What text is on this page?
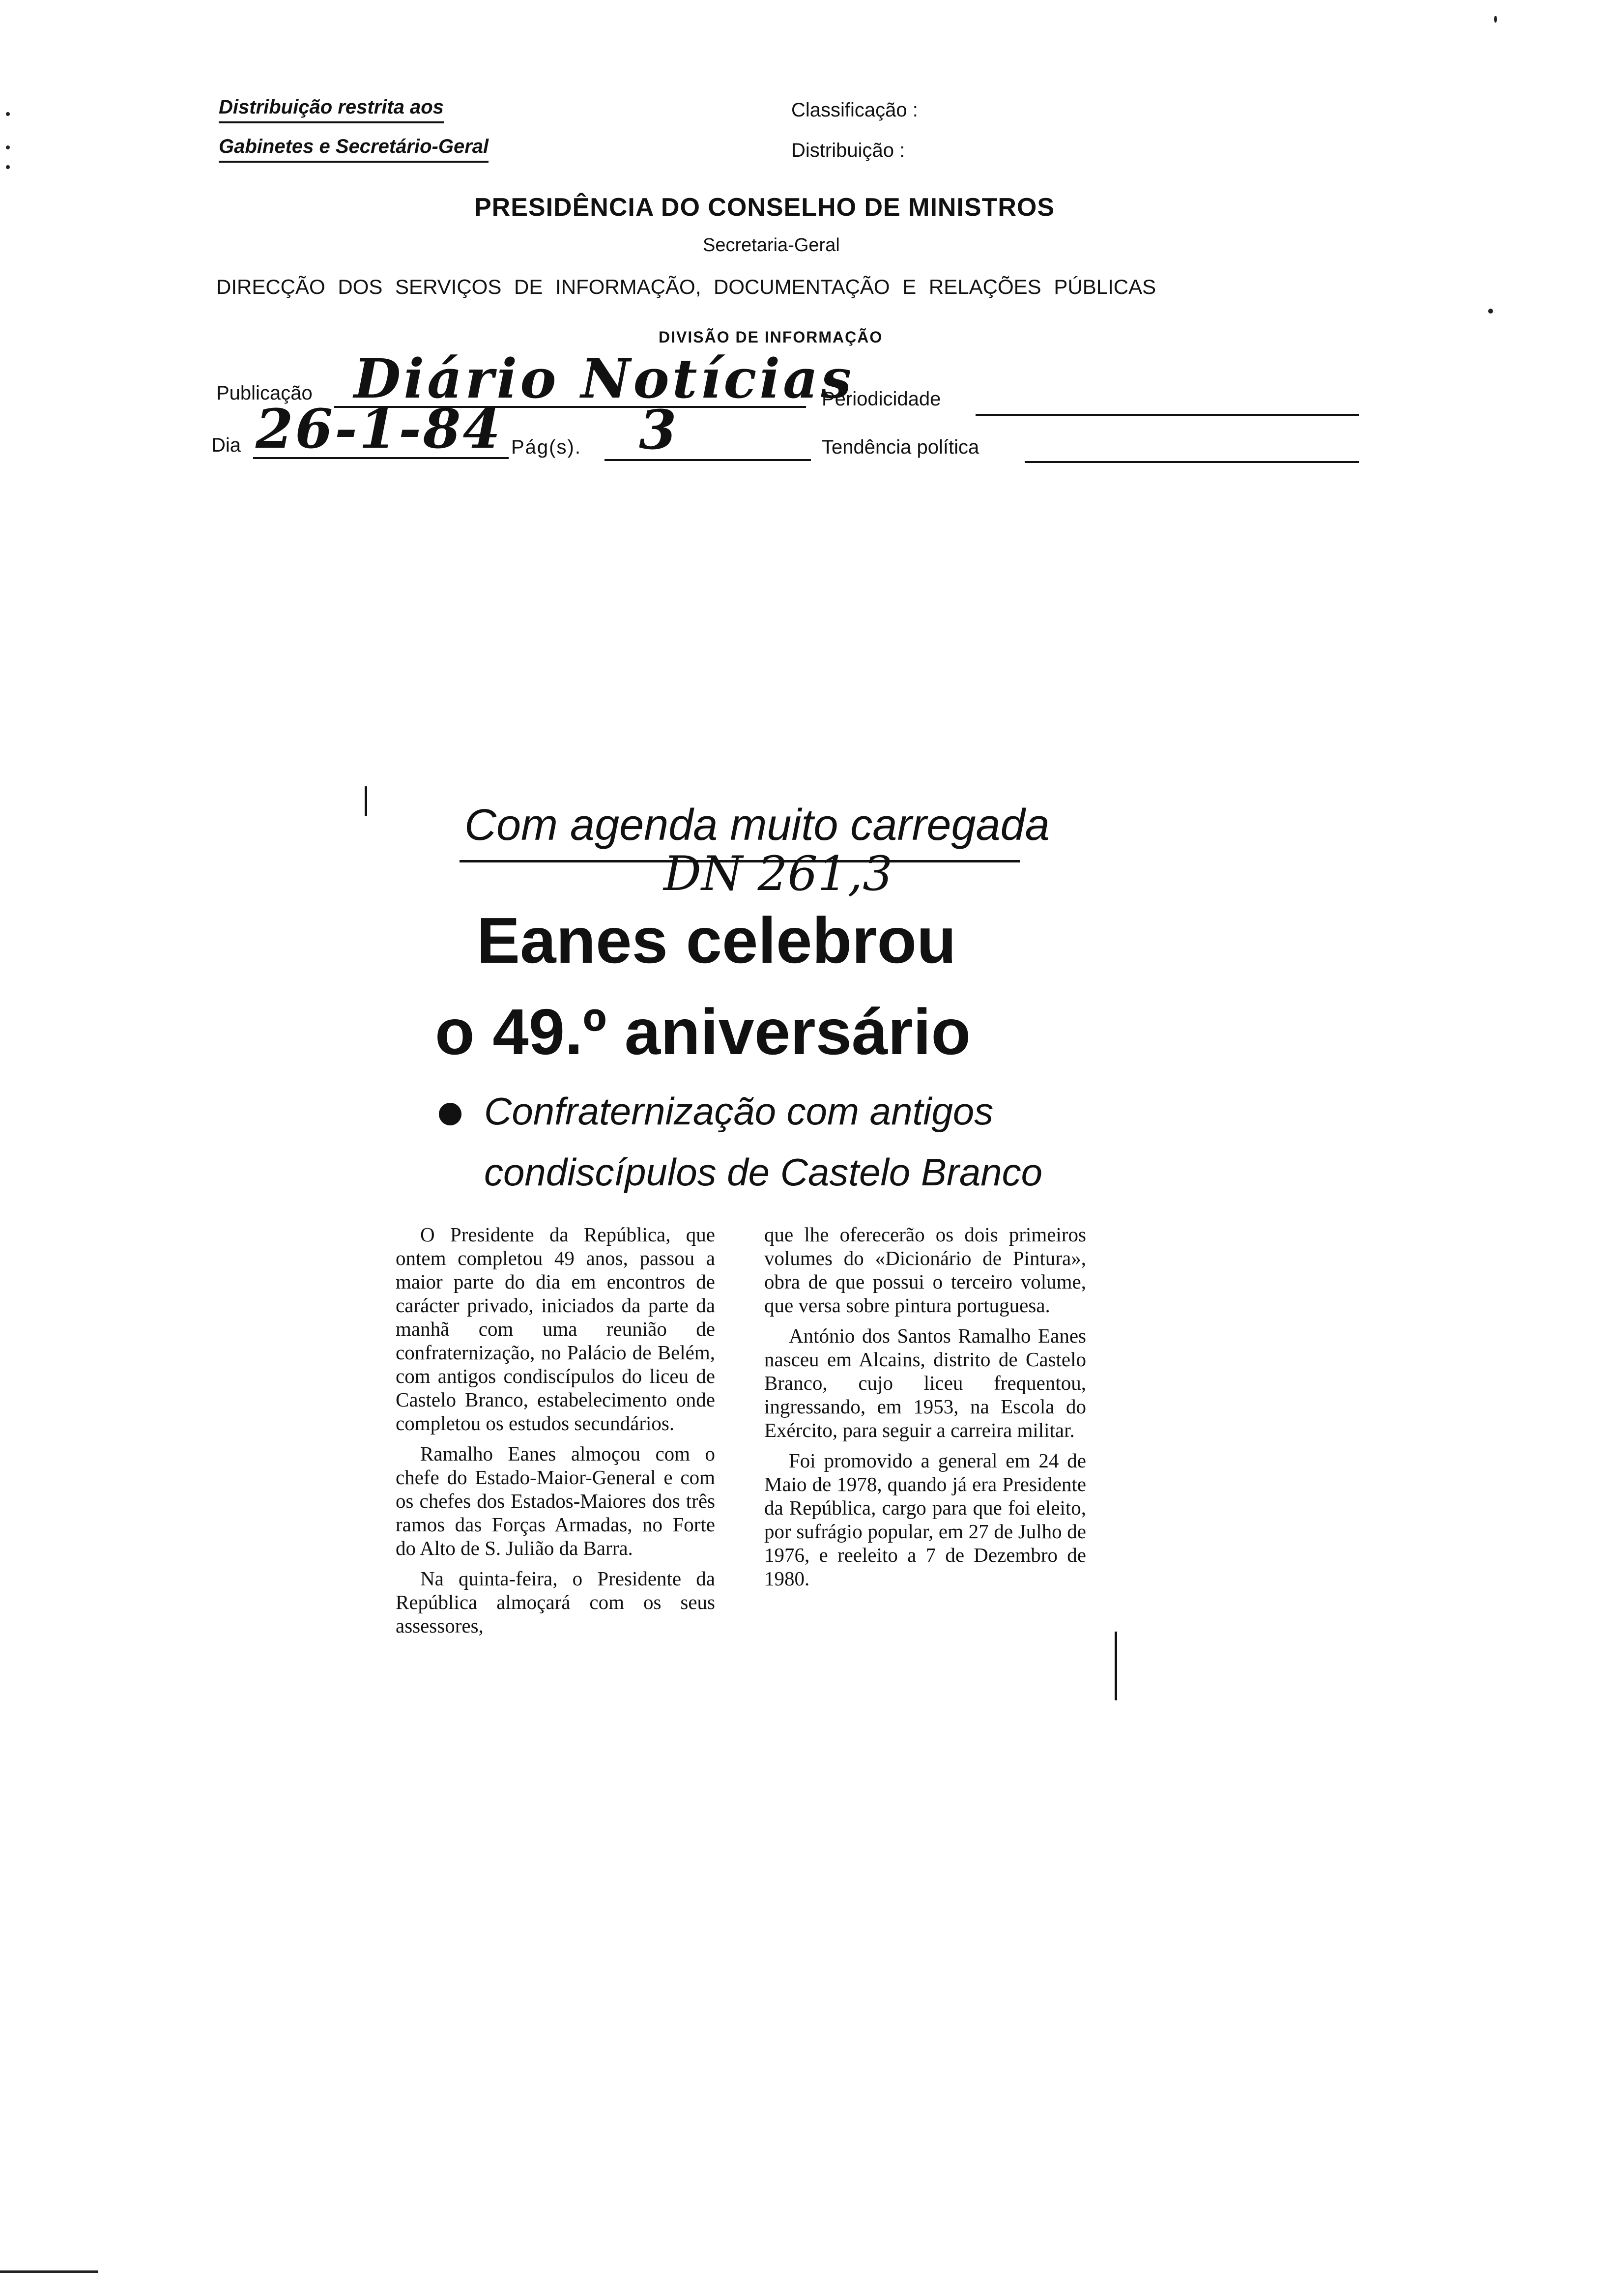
Distribuição restrita aos
Gabinetes e Secretário-Geral
Classificação :
Distribuição :
PRESIDÊNCIA DO CONSELHO DE MINISTROS
Secretaria-Geral
DIRECÇÃO DOS SERVIÇOS DE INFORMAÇÃO, DOCUMENTAÇÃO E RELAÇÕES PÚBLICAS
DIVISÃO DE INFORMAÇÃO
Publicação Diário Notícias
Periodicidade
Dia 26-1-84 Pág(s). 3	Tendência política
Com agenda muito carregada
DN 261,3
Eanes celebrou
o 49.º aniversário
Confraternização com antigos
condiscípulos de Castelo Branco

O Presidente da República, que ontem completou 49 anos, passou a maior parte do dia em encontros de carácter privado, iniciados da parte da manhã com uma reunião de confraternização, no Palácio de Belém, com antigos condiscípulos do liceu de Castelo Branco, estabelecimento onde completou os estudos secundários.

Ramalho Eanes almoçou com o chefe do Estado-Maior-General e com os chefes dos Estados-Maiores dos três ramos das Forças Armadas, no Forte do Alto de S. Julião da Barra.

Na quinta-feira, o Presidente da República almoçará com os seus assessores,

que lhe oferecerão os dois primeiros volumes do «Dicionário de Pintura», obra de que possui o terceiro volume, que versa sobre pintura portuguesa.

António dos Santos Ramalho Eanes nasceu em Alcains, distrito de Castelo Branco, cujo liceu frequentou, ingressando, em 1953, na Escola do Exército, para seguir a carreira militar.

Foi promovido a general em 24 de Maio de 1978, quando já era Presidente da República, cargo para que foi eleito, por sufrágio popular, em 27 de Julho de 1976, e reeleito a 7 de Dezembro de 1980.
